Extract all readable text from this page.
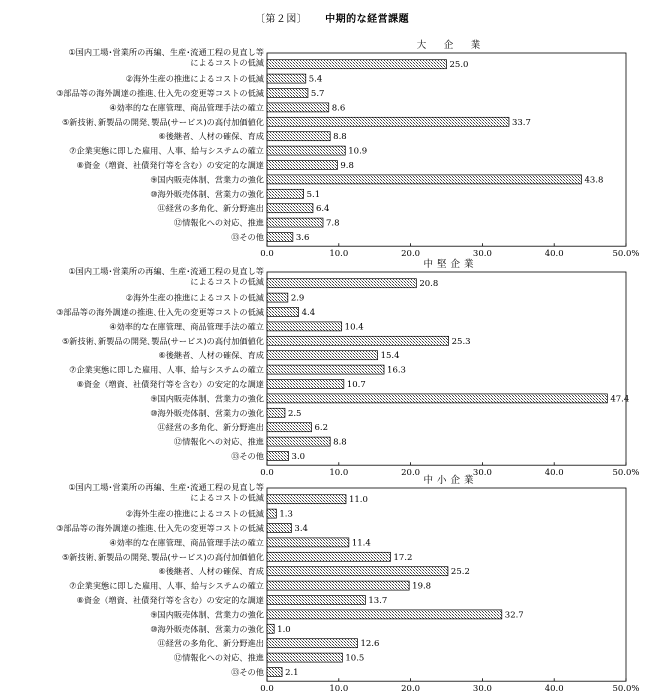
〔第２図〕 中期的な経営課題
大　企　業
0.0	10.0	20.0	30.0	40.0	50.0%
25.0
①国内工場･営業所の再編、生産･流通工程の見直し等
によるコストの低減
5.4
②海外生産の推進によるコストの低減
5.7
③部品等の海外調達の推進､仕入先の変更等コストの低減
8.6
④効率的な在庫管理、商品管理手法の確立
33.7
⑤新技術､新製品の開発､製品(サービス)の高付加価値化
8.8
⑥後継者、人材の確保、育成
10.9
⑦企業実態に即した雇用、人事、給与システムの確立
9.8
⑧資金（増資、社債発行等を含む）の安定的な調達
43.8
⑨国内販売体制、営業力の強化
5.1
⑩海外販売体制、営業力の強化
6.4
⑪経営の多角化、新分野進出
7.8
⑫情報化への対応、推進
3.6
⑬その他
中堅企業
0.0	10.0	20.0	30.0	40.0	50.0%
20.8
①国内工場･営業所の再編、生産･流通工程の見直し等
によるコストの低減
2.9
②海外生産の推進によるコストの低減
4.4
③部品等の海外調達の推進､仕入先の変更等コストの低減
10.4
④効率的な在庫管理、商品管理手法の確立
25.3
⑤新技術､新製品の開発､製品(サービス)の高付加価値化
15.4
⑥後継者、人材の確保、育成
16.3
⑦企業実態に即した雇用、人事、給与システムの確立
10.7
⑧資金（増資、社債発行等を含む）の安定的な調達
47.4
⑨国内販売体制、営業力の強化
2.5
⑩海外販売体制、営業力の強化
6.2
⑪経営の多角化、新分野進出
8.8
⑫情報化への対応、推進
3.0
⑬その他
中小企業
0.0	10.0	20.0	30.0	40.0	50.0%
11.0
①国内工場･営業所の再編、生産･流通工程の見直し等
によるコストの低減
1.3
②海外生産の推進によるコストの低減
3.4
③部品等の海外調達の推進､仕入先の変更等コストの低減
11.4
④効率的な在庫管理、商品管理手法の確立
17.2
⑤新技術､新製品の開発､製品(サービス)の高付加価値化
25.2
⑥後継者、人材の確保、育成
19.8
⑦企業実態に即した雇用、人事、給与システムの確立
13.7
⑧資金（増資、社債発行等を含む）の安定的な調達
32.7
⑨国内販売体制、営業力の強化
1.0
⑩海外販売体制、営業力の強化
12.6
⑪経営の多角化、新分野進出
10.5
⑫情報化への対応、推進
2.1
⑬その他
